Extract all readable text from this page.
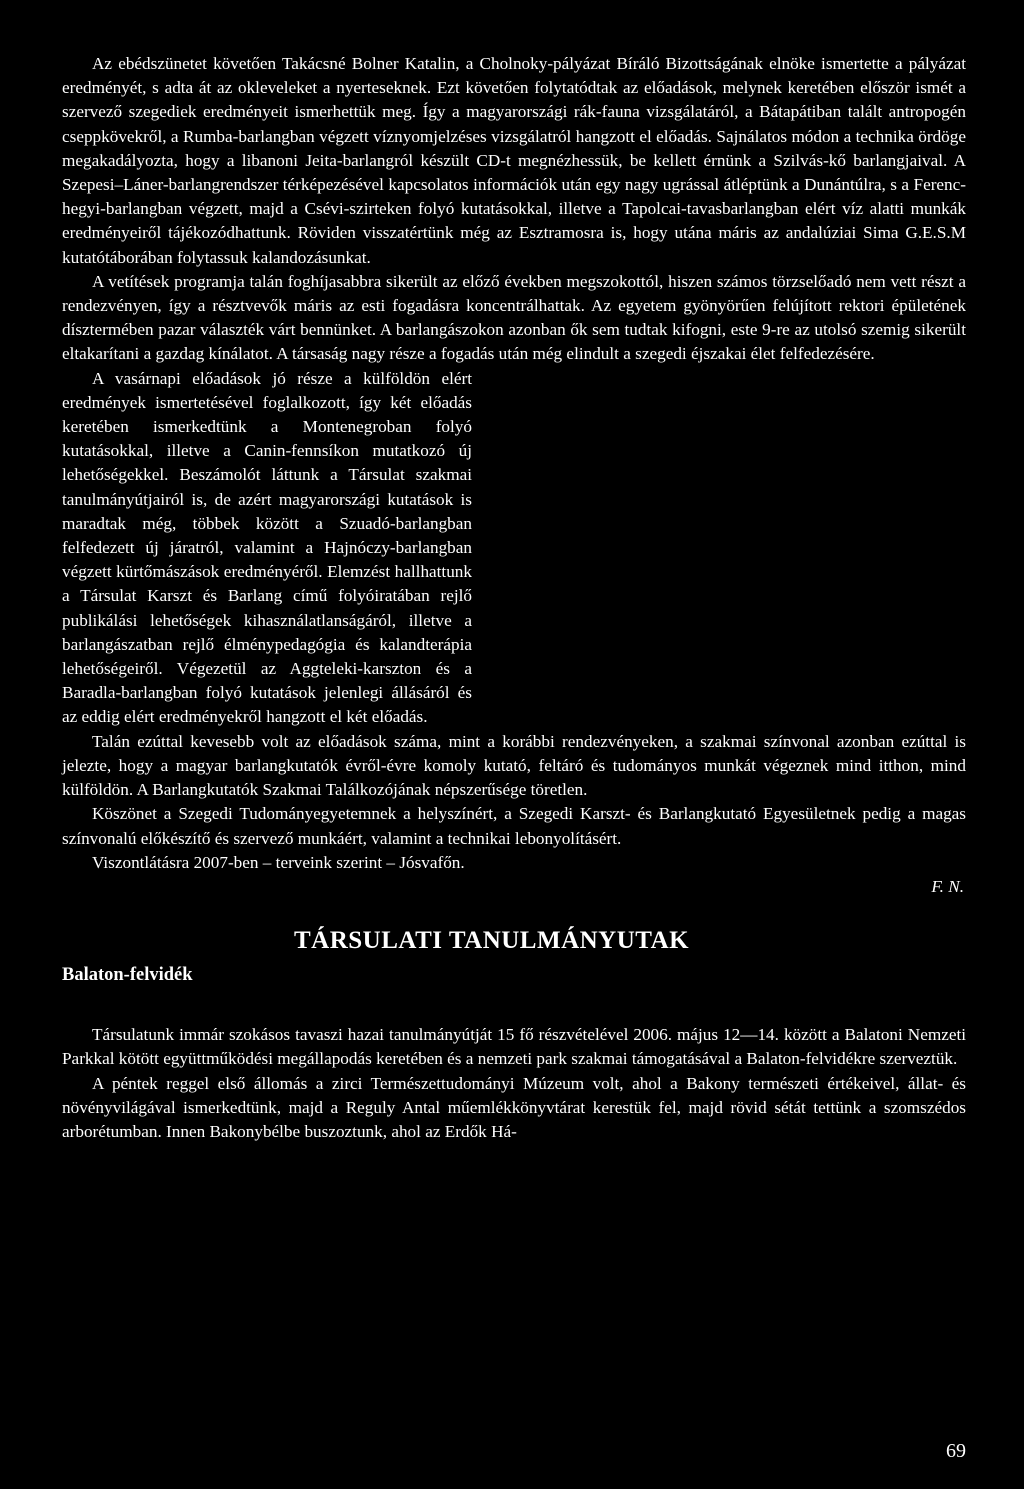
Az ebédszünetet követően Takácsné Bolner Katalin, a Cholnoky-pályázat Bíráló Bizottságának elnöke ismertette a pályázat eredményét, s adta át az okleveleket a nyerteseknek. Ezt követően folytatódtak az előadások, melynek keretében először ismét a szervező szegediek eredményeit ismerhettük meg. Így a magyarországi rák-fauna vizsgálatáról, a Bátapátiban talált antropogén cseppkövekről, a Rumba-barlangban végzett víznyomjelzéses vizsgálatról hangzott el előadás. Sajnálatos módon a technika ördöge megakadályozta, hogy a libanoni Jeita-barlangról készült CD-t megnézhessük, be kellett érnünk a Szilvás-kő barlangjaival. A Szepesi–Láner-barlangrendszer térképezésével kapcsolatos információk után egy nagy ugrással átléptünk a Dunántúlra, s a Ferenc-hegyi-barlangban végzett, majd a Csévi-szirteken folyó kutatásokkal, illetve a Tapolcai-tavasbarlangban elért víz alatti munkák eredményeiről tájékozódhattunk. Röviden visszatértünk még az Esztramosra is, hogy utána máris az andalúziai Sima G.E.S.M kutatótáborában folytassuk kalandozásunkat.

A vetítések programja talán foghíjasabbra sikerült az előző években megszokottól, hiszen számos törzselőadó nem vett részt a rendezvényen, így a résztvevők máris az esti fogadásra koncentrálhattak. Az egyetem gyönyörűen felújított rektori épületének dísztermében pazar választék várt bennünket. A barlangászokon azonban ők sem tudtak kifogni, este 9-re az utolsó szemig sikerült eltakarítani a gazdag kínálatot. A társaság nagy része a fogadás után még elindult a szegedi éjszakai élet felfedezésére.

A vasárnapi előadások jó része a külföldön elért eredmények ismertetésével foglalkozott, így két előadás keretében ismerkedtünk a Montenegroban folyó kutatásokkal, illetve a Canin-fennsíkon mutatkozó új lehetőségekkel. Beszámolót láttunk a Társulat szakmai tanulmányútjairól is, de azért magyarországi kutatások is maradtak még, többek között a Szuadó-barlangban felfedezett új járatról, valamint a Hajnóczy-barlangban végzett kürtőmászások eredményéről. Elemzést hallhattunk a Társulat Karszt és Barlang című folyóiratában rejlő publikálási lehetőségek kihasználatlanságáról, illetve a barlangászatban rejlő élménypedagógia és kalandterápia lehetőségeiről. Végezetül az Aggteleki-karszton és a Baradla-barlangban folyó kutatások jelenlegi állásáról és az eddig elért eredményekről hangzott el két előadás.

Talán ezúttal kevesebb volt az előadások száma, mint a korábbi rendezvényeken, a szakmai színvonal azonban ezúttal is jelezte, hogy a magyar barlangkutatók évről-évre komoly kutató, feltáró és tudományos munkát végeznek mind itthon, mind külföldön. A Barlangkutatók Szakmai Találkozójának népszerűsége töretlen.

Köszönet a Szegedi Tudományegyetemnek a helyszínért, a Szegedi Karszt- és Barlangkutató Egyesületnek pedig a magas színvonalú előkészítő és szervező munkáért, valamint a technikai lebonyolításért.

Viszontlátásra 2007-ben – terveink szerint – Jósvafőn.

F. N.

TÁRSULATI TANULMÁNYUTAK
Balaton-felvidék

Társulatunk immár szokásos tavaszi hazai tanulmányútját 15 fő részvételével 2006. május 12—14. között a Balatoni Nemzeti Parkkal kötött együttműködési megállapodás keretében és a nemzeti park szakmai támogatásával a Balaton-felvidékre szerveztük.

A péntek reggel első állomás a zirci Természettudományi Múzeum volt, ahol a Bakony természeti értékeivel, állat- és növényvilágával ismerkedtünk, majd a Reguly Antal műemlékkönyvtárat kerestük fel, majd rövid sétát tettünk a szomszédos arborétumban. Innen Bakonybélbe buszoztunk, ahol az Erdők Há-

69
